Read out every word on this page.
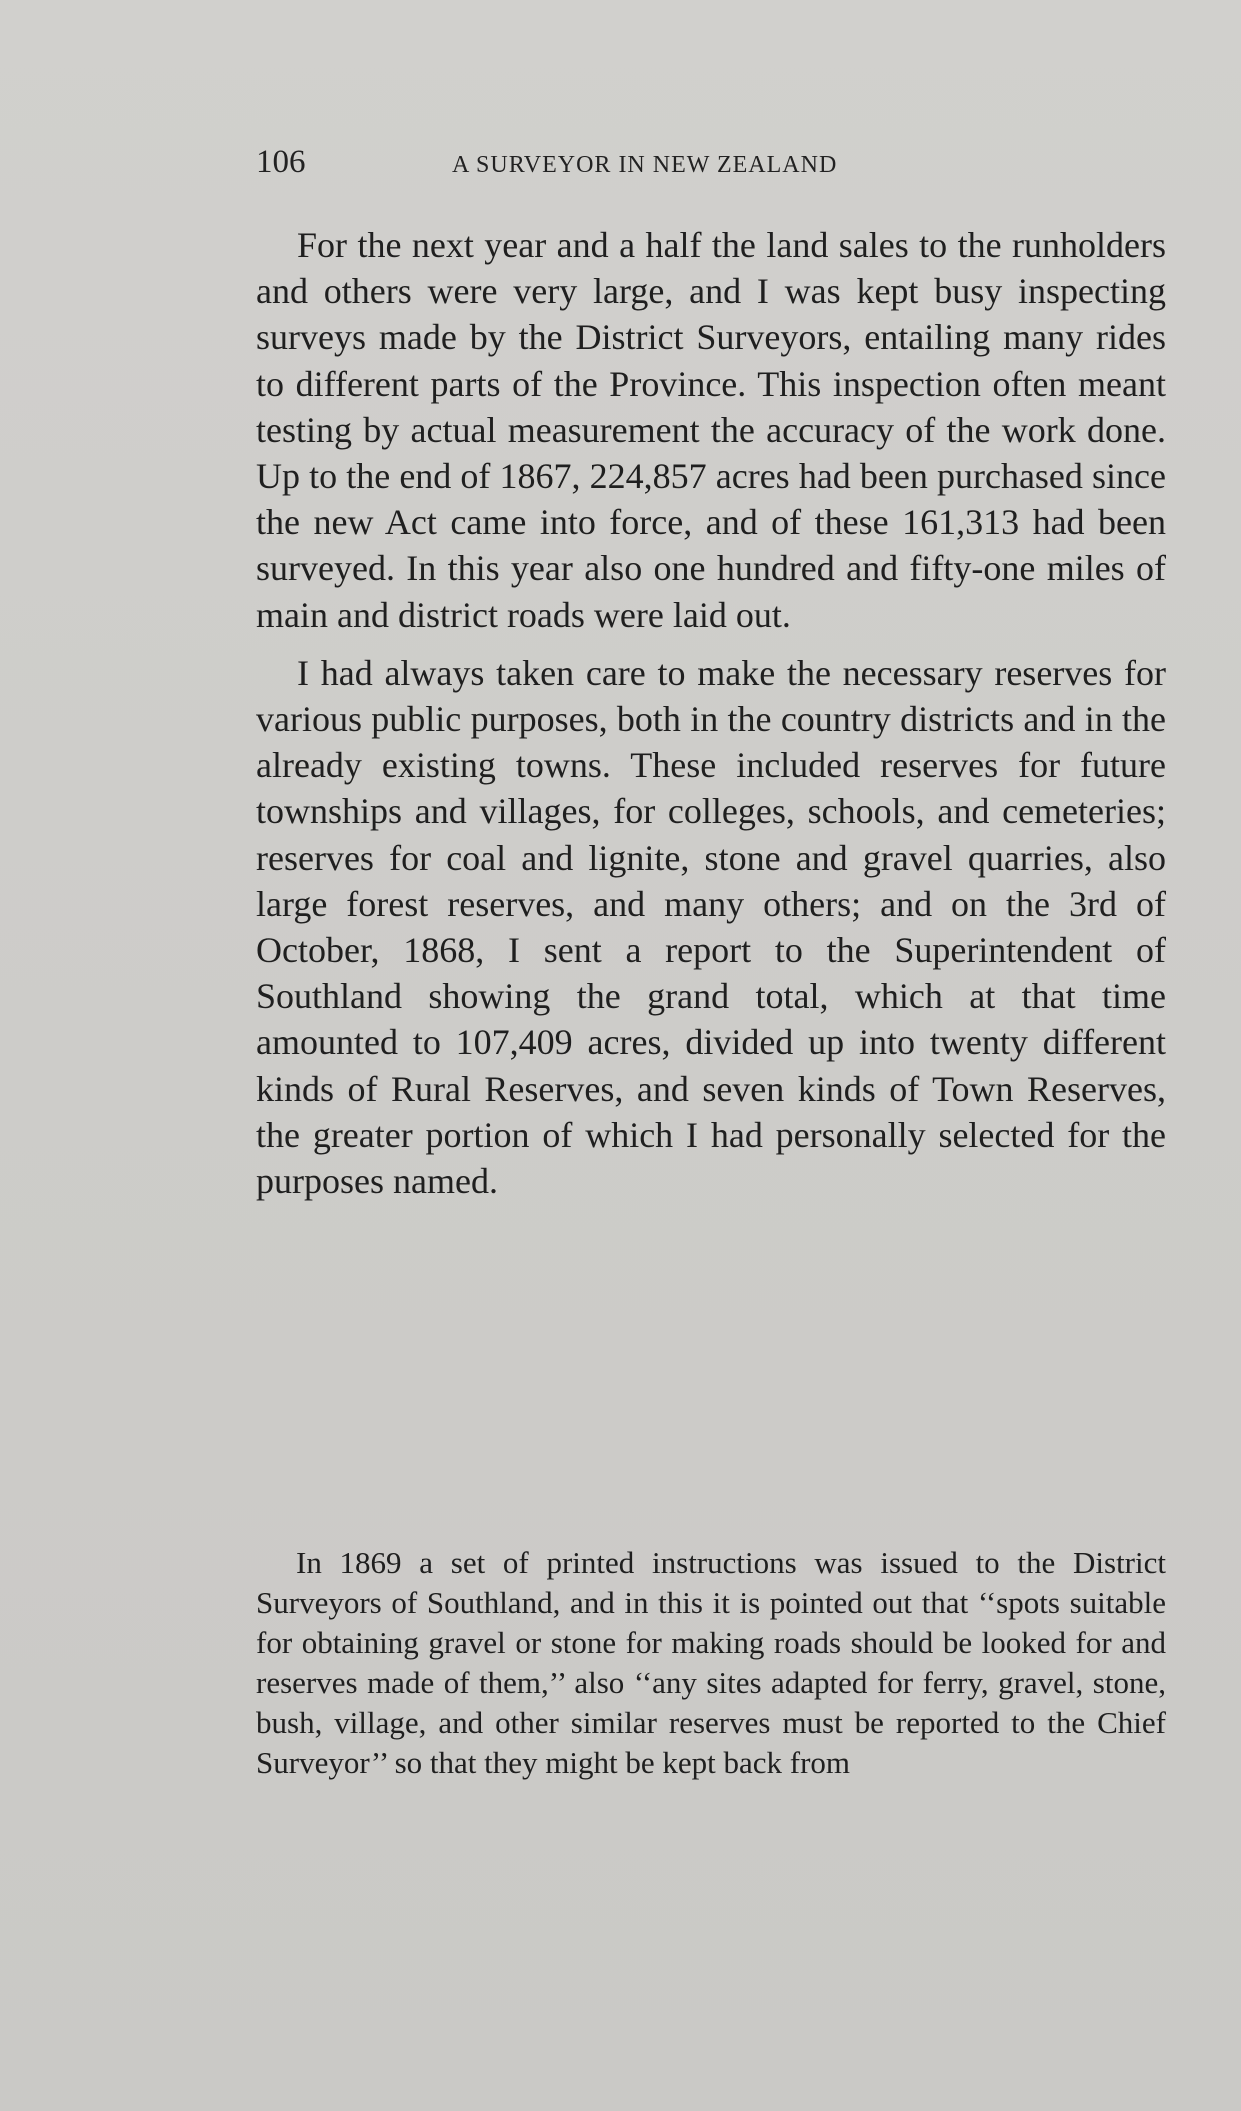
106	A SURVEYOR IN NEW ZEALAND

For the next year and a half the land sales to the runholders and others were very large, and I was kept busy inspecting surveys made by the District Surveyors, entailing many rides to different parts of the Province. This inspection often meant testing by actual measurement the accuracy of the work done. Up to the end of 1867, 224,857 acres had been purchased since the new Act came into force, and of these 161,313 had been surveyed. In this year also one hundred and fifty-one miles of main and district roads were laid out.

I had always taken care to make the necessary reserves for various public purposes, both in the country districts and in the already existing towns. These included reserves for future townships and villages, for colleges, schools, and cemeteries; reserves for coal and lignite, stone and gravel quarries, also large forest reserves, and many others; and on the 3rd of October, 1868, I sent a report to the Superintendent of Southland showing the grand total, which at that time amounted to 107,409 acres, divided up into twenty different kinds of Rural Reserves, and seven kinds of Town Reserves, the greater portion of which I had personally selected for the purposes named.

In 1869 a set of printed instructions was issued to the District Surveyors of Southland, and in this it is pointed out that ‘‘spots suitable for obtaining gravel or stone for making roads should be looked for and reserves made of them,’’ also ‘‘any sites adapted for ferry, gravel, stone, bush, village, and other similar reserves must be reported to the Chief Surveyor’’ so that they might be kept back from
